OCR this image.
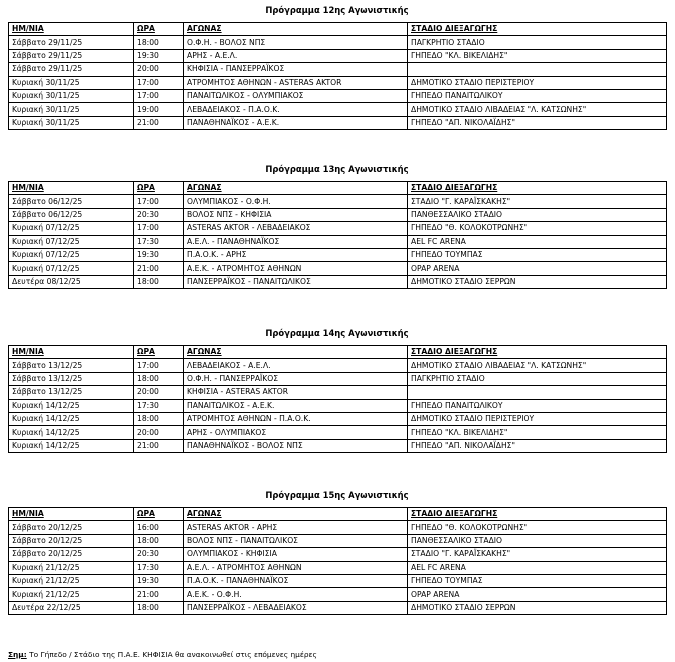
Πρόγραμμα 12ης Αγωνιστικής
ΗΜ/ΝΙΑ	ΩΡΑ	ΑΓΩΝΑΣ	ΣΤΑΔΙΟ ΔΙΕΞΑΓΩΓΗΣ
Σάββατο 29/11/25	18:00	Ο.Φ.Η. - ΒΟΛΟΣ ΝΠΣ	ΠΑΓΚΡΗΤΙΟ ΣΤΑΔΙΟ
Σάββατο 29/11/25	19:30	ΑΡΗΣ - Α.Ε.Λ.	ΓΗΠΕΔΟ "ΚΛ. ΒΙΚΕΛΙΔΗΣ"
Σάββατο 29/11/25	20:00	ΚΗΦΙΣΙΑ - ΠΑΝΣΕΡΡΑΪΚΟΣ	
Κυριακή 30/11/25	17:00	ΑΤΡΟΜΗΤΟΣ ΑΘΗΝΩΝ - ASTERAS AKTOR	ΔΗΜΟΤΙΚΟ ΣΤΑΔΙΟ ΠΕΡΙΣΤΕΡΙΟΥ
Κυριακή 30/11/25	17:00	ΠΑΝΑΙΤΩΛΙΚΟΣ - ΟΛΥΜΠΙΑΚΟΣ	ΓΗΠΕΔΟ ΠΑΝΑΙΤΩΛΙΚΟΥ
Κυριακή 30/11/25	19:00	ΛΕΒΑΔΕΙΑΚΟΣ - Π.Α.Ο.Κ.	ΔΗΜΟΤΙΚΟ ΣΤΑΔΙΟ ΛΙΒΑΔΕΙΑΣ "Λ. ΚΑΤΣΩΝΗΣ"
Κυριακή 30/11/25	21:00	ΠΑΝΑΘΗΝΑΪΚΟΣ - Α.Ε.Κ.	ΓΗΠΕΔΟ "ΑΠ. ΝΙΚΟΛΑΪΔΗΣ"
Πρόγραμμα 13ης Αγωνιστικής
ΗΜ/ΝΙΑ	ΩΡΑ	ΑΓΩΝΑΣ	ΣΤΑΔΙΟ ΔΙΕΞΑΓΩΓΗΣ
Σάββατο 06/12/25	17:00	ΟΛΥΜΠΙΑΚΟΣ - Ο.Φ.Η.	ΣΤΑΔΙΟ "Γ. ΚΑΡΑΪΣΚΑΚΗΣ"
Σάββατο 06/12/25	20:30	ΒΟΛΟΣ ΝΠΣ - ΚΗΦΙΣΙΑ	ΠΑΝΘΕΣΣΑΛΙΚΟ ΣΤΑΔΙΟ
Κυριακή 07/12/25	17:00	ASTERAS AKTOR - ΛΕΒΑΔΕΙΑΚΟΣ	ΓΗΠΕΔΟ "Θ. ΚΟΛΟΚΟΤΡΩΝΗΣ"
Κυριακή 07/12/25	17:30	Α.Ε.Λ. - ΠΑΝΑΘΗΝΑΪΚΟΣ	AEL FC ARENA
Κυριακή 07/12/25	19:30	Π.Α.Ο.Κ. - ΑΡΗΣ	ΓΗΠΕΔΟ ΤΟΥΜΠΑΣ
Κυριακή 07/12/25	21:00	Α.Ε.Κ. - ΑΤΡΟΜΗΤΟΣ ΑΘΗΝΩΝ	OPAP ARENA
Δευτέρα 08/12/25	18:00	ΠΑΝΣΕΡΡΑΪΚΟΣ - ΠΑΝΑΙΤΩΛΙΚΟΣ	ΔΗΜΟΤΙΚΟ ΣΤΑΔΙΟ ΣΕΡΡΩΝ
Πρόγραμμα 14ης Αγωνιστικής
ΗΜ/ΝΙΑ	ΩΡΑ	ΑΓΩΝΑΣ	ΣΤΑΔΙΟ ΔΙΕΞΑΓΩΓΗΣ
Σάββατο 13/12/25	17:00	ΛΕΒΑΔΕΙΑΚΟΣ - Α.Ε.Λ.	ΔΗΜΟΤΙΚΟ ΣΤΑΔΙΟ ΛΙΒΑΔΕΙΑΣ "Λ. ΚΑΤΣΩΝΗΣ"
Σάββατο 13/12/25	18:00	Ο.Φ.Η. - ΠΑΝΣΕΡΡΑΪΚΟΣ	ΠΑΓΚΡΗΤΙΟ ΣΤΑΔΙΟ
Σάββατο 13/12/25	20:00	ΚΗΦΙΣΙΑ - ASTERAS AKTOR	
Κυριακή 14/12/25	17:30	ΠΑΝΑΙΤΩΛΙΚΟΣ - Α.Ε.Κ.	ΓΗΠΕΔΟ ΠΑΝΑΙΤΩΛΙΚΟΥ
Κυριακή 14/12/25	18:00	ΑΤΡΟΜΗΤΟΣ ΑΘΗΝΩΝ - Π.Α.Ο.Κ.	ΔΗΜΟΤΙΚΟ ΣΤΑΔΙΟ ΠΕΡΙΣΤΕΡΙΟΥ
Κυριακή 14/12/25	20:00	ΑΡΗΣ - ΟΛΥΜΠΙΑΚΟΣ	ΓΗΠΕΔΟ "ΚΛ. ΒΙΚΕΛΙΔΗΣ"
Κυριακή 14/12/25	21:00	ΠΑΝΑΘΗΝΑΪΚΟΣ - ΒΟΛΟΣ ΝΠΣ	ΓΗΠΕΔΟ "ΑΠ. ΝΙΚΟΛΑΪΔΗΣ"
Πρόγραμμα 15ης Αγωνιστικής
ΗΜ/ΝΙΑ	ΩΡΑ	ΑΓΩΝΑΣ	ΣΤΑΔΙΟ ΔΙΕΞΑΓΩΓΗΣ
Σάββατο 20/12/25	16:00	ASTERAS AKTOR - ΑΡΗΣ	ΓΗΠΕΔΟ "Θ. ΚΟΛΟΚΟΤΡΩΝΗΣ"
Σάββατο 20/12/25	18:00	ΒΟΛΟΣ ΝΠΣ - ΠΑΝΑΙΤΩΛΙΚΟΣ	ΠΑΝΘΕΣΣΑΛΙΚΟ ΣΤΑΔΙΟ
Σάββατο 20/12/25	20:30	ΟΛΥΜΠΙΑΚΟΣ - ΚΗΦΙΣΙΑ	ΣΤΑΔΙΟ "Γ. ΚΑΡΑΪΣΚΑΚΗΣ"
Κυριακή 21/12/25	17:30	Α.Ε.Λ. - ΑΤΡΟΜΗΤΟΣ ΑΘΗΝΩΝ	AEL FC ARENA
Κυριακή 21/12/25	19:30	Π.Α.Ο.Κ. - ΠΑΝΑΘΗΝΑΪΚΟΣ	ΓΗΠΕΔΟ ΤΟΥΜΠΑΣ
Κυριακή 21/12/25	21:00	Α.Ε.Κ. - Ο.Φ.Η.	OPAP ARENA
Δευτέρα 22/12/25	18:00	ΠΑΝΣΕΡΡΑΪΚΟΣ - ΛΕΒΑΔΕΙΑΚΟΣ	ΔΗΜΟΤΙΚΟ ΣΤΑΔΙΟ ΣΕΡΡΩΝ
Σημ: Το Γήπεδο / Στάδιο της Π.Α.Ε. ΚΗΦΙΣΙΑ θα ανακοινωθεί στις επόμενες ημέρες
